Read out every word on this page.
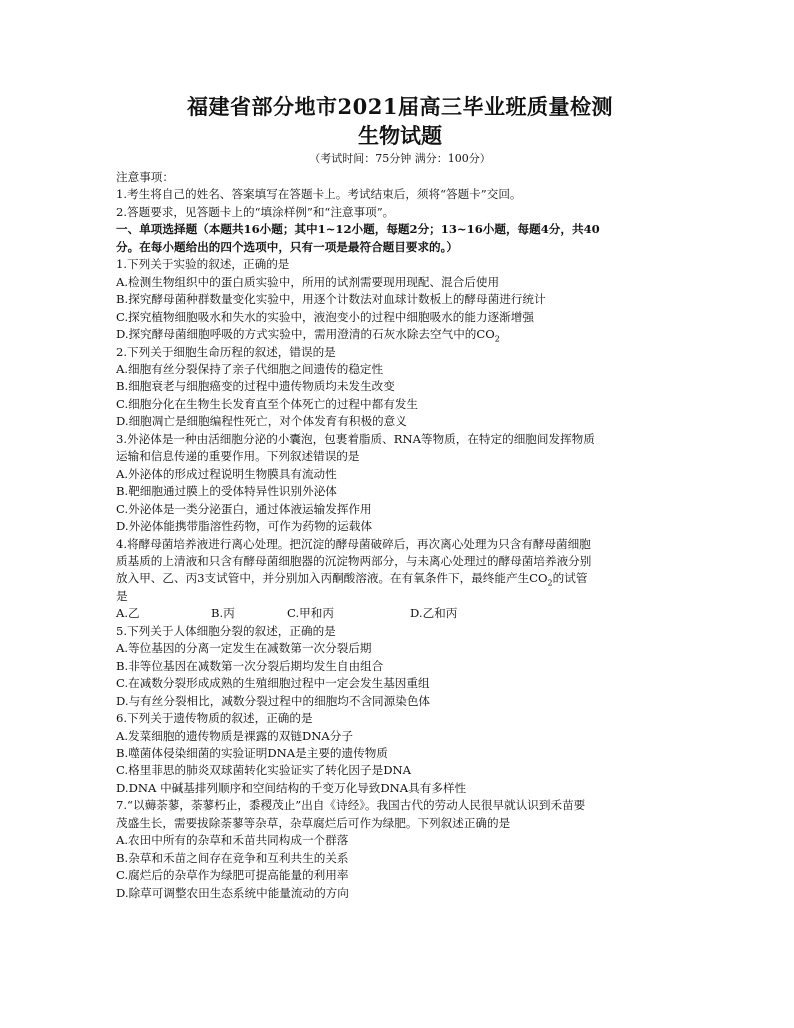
福建省部分地市2021届高三毕业班质量检测
生物试题
（考试时间：75分钟 满分：100分）
注意事项：
1.考生将自己的姓名、答案填写在答题卡上。考试结束后，须将“答题卡”交回。
2.答题要求，见答题卡上的“填涂样例”和“注意事项”。
一、单项选择题（本题共16小题；其中1~12小题，每题2分；13~16小题，每题4分，共40
分。在每小题给出的四个选项中，只有一项是最符合题目要求的。）
1.下列关于实验的叙述，正确的是
A.检测生物组织中的蛋白质实验中，所用的试剂需要现用现配、混合后使用
B.探究酵母菌种群数量变化实验中，用逐个计数法对血球计数板上的酵母菌进行统计
C.探究植物细胞吸水和失水的实验中，液泡变小的过程中细胞吸水的能力逐渐增强
D.探究酵母菌细胞呼吸的方式实验中，需用澄清的石灰水除去空气中的$CO_2$
2.下列关于细胞生命历程的叙述，错误的是
A.细胞有丝分裂保持了亲子代细胞之间遗传的稳定性
B.细胞衰老与细胞癌变的过程中遗传物质均未发生改变
C.细胞分化在生物生长发育直至个体死亡的过程中都有发生
D.细胞凋亡是细胞编程性死亡，对个体发育有积极的意义
3.外泌体是一种由活细胞分泌的小囊泡，包裹着脂质、RNA等物质，在特定的细胞间发挥物质
运输和信息传递的重要作用。下列叙述错误的是
A.外泌体的形成过程说明生物膜具有流动性
B.靶细胞通过膜上的受体特异性识别外泌体
C.外泌体是一类分泌蛋白，通过体液运输发挥作用
D.外泌体能携带脂溶性药物，可作为药物的运载体
4.将酵母菌培养液进行离心处理。把沉淀的酵母菌破碎后，再次离心处理为只含有酵母菌细胞
质基质的上清液和只含有酵母菌细胞器的沉淀物两部分，与未离心处理过的酵母菌培养液分别
放入甲、乙、丙3支试管中，并分别加入丙酮酸溶液。在有氧条件下，最终能产生$CO_2$的试管
是
A.乙	B.丙	C.甲和丙	D.乙和丙
5.下列关于人体细胞分裂的叙述，正确的是
A.等位基因的分离一定发生在减数第一次分裂后期
B.非等位基因在减数第一次分裂后期均发生自由组合
C.在减数分裂形成成熟的生殖细胞过程中一定会发生基因重组
D.与有丝分裂相比，减数分裂过程中的细胞均不含同源染色体
6.下列关于遗传物质的叙述，正确的是
A.发菜细胞的遗传物质是裸露的双链DNA分子
B.噬菌体侵染细菌的实验证明DNA是主要的遗传物质
C.格里菲思的肺炎双球菌转化实验证实了转化因子是DNA
D.DNA 中碱基排列顺序和空间结构的千变万化导致DNA具有多样性
7.“以薅荼蓼，荼蓼朽止，黍稷茂止”出自《诗经》。我国古代的劳动人民很早就认识到禾苗要
茂盛生长，需要拔除荼蓼等杂草，杂草腐烂后可作为绿肥。下列叙述正确的是
A.农田中所有的杂草和禾苗共同构成一个群落
B.杂草和禾苗之间存在竞争和互利共生的关系
C.腐烂后的杂草作为绿肥可提高能量的利用率
D.除草可调整农田生态系统中能量流动的方向
